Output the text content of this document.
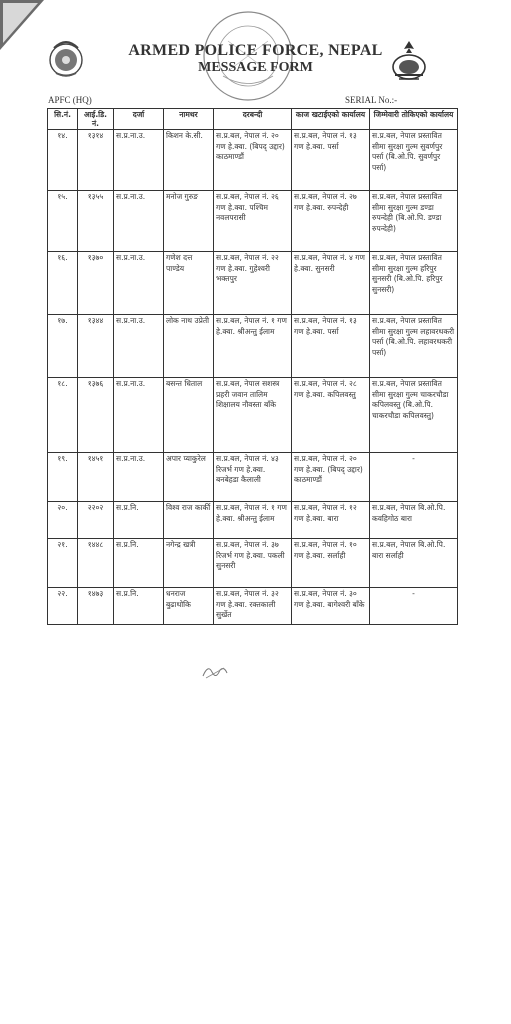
ARMED POLICE FORCE, NEPAL
MESSAGE FORM
APFC (HQ)	SERIAL No.:-
सि.नं.	आई.डि. नं.	दर्जा	नामथर	दरबन्दी	काज खटाईएको कार्यालय	जिम्मेवारी तोकिएको कार्यालय
१४.	१३१४	स.प्र.ना.उ.	किशन के.सी.	स.प्र.बल, नेपाल नं. २० गण हे.क्वा. (बिपद् उद्दार) काठमाण्डौं	स.प्र.बल, नेपाल नं. १३ गण हे.क्वा. पर्सा	स.प्र.बल, नेपाल प्रस्तावित सीमा सुरक्षा गुल्म सुवर्णपुर पर्सा (बि.ओ.पि. सुवर्णपुर पर्सा)
१५.	१३५५	स.प्र.ना.उ.	मनोज गुरुङ	स.प्र.बल, नेपाल नं. २६ गण हे.क्वा. पश्चिम नवलपरासी	स.प्र.बल, नेपाल नं. २७ गण हे.क्वा. रुपन्देही	स.प्र.बल, नेपाल प्रस्तावित सीमा सुरक्षा गुल्म डण्डा रुपन्देही (बि.ओ.पि. डण्डा रुपन्देही)
१६.	१३७०	स.प्र.ना.उ.	गणेश दत्त पाण्डेय	स.प्र.बल, नेपाल नं. २२ गण हे.क्वा. गुहेश्वरी भक्तपुर	स.प्र.बल, नेपाल नं. ४ गण हे.क्वा. सुनसरी	स.प्र.बल, नेपाल प्रस्तावित सीमा सुरक्षा गुल्म हरिपुर सुनसरी (बि.ओ.पि. हरिपुर सुनसरी)
१७.	१३४४	स.प्र.ना.उ.	लोक नाथ उप्रेती	स.प्र.बल, नेपाल नं. १ गण हे.क्वा. श्रीअन्तु ईलाम	स.प्र.बल, नेपाल नं. १३ गण हे.क्वा. पर्सा	स.प्र.बल, नेपाल प्रस्तावित सीमा सुरक्षा गुल्म लहावरथकरी पर्सा (बि.ओ.पि. लहावरथकरी पर्सा)
१८.	१३७६	स.प्र.ना.उ.	बसन्त धिताल	स.प्र.बल, नेपाल सशस्त्र प्रहरी जवान तालिम शिक्षालय नौवस्ता बाँके	स.प्र.बल, नेपाल नं. २८ गण हे.क्वा. कपिलवस्तु	स.प्र.बल, नेपाल प्रस्तावित सीमा सुरक्षा गुल्म चाकरचौडा कपिलवस्तु (बि.ओ.पि. चाकरचौडा कपिलवस्तु)
१९.	१४५१	स.प्र.ना.उ.	अपार प्याकुरेल	स.प्र.बल, नेपाल नं. ४३ रिजर्भ गण हे.क्वा. बनबेहडा कैलाली	स.प्र.बल, नेपाल नं. २० गण हे.क्वा. (बिपद् उद्दार) काठमाण्डौं	-
२०.	२२०२	स.प्र.नि.	विश्व राज कार्की	स.प्र.बल, नेपाल नं. १ गण हे.क्वा. श्रीअन्तु ईलाम	स.प्र.बल, नेपाल नं. १२ गण हे.क्वा. बारा	स.प्र.बल, नेपाल बि.ओ.पि. कवहिगोठ बारा
२१.	१४४८	स.प्र.नि.	नगेन्द्र खत्री	स.प्र.बल, नेपाल नं. ३७ रिजर्भ गण हे.क्वा. पकली सुनसरी	स.प्र.बल, नेपाल नं. १० गण हे.क्वा. सर्लाही	स.प्र.बल, नेपाल बि.ओ.पि. बारा सर्लाही
२२.	१४७३	स.प्र.नि.	धनराज बुढाथोकि	स.प्र.बल, नेपाल नं. ३२ गण हे.क्वा. रक्तकाली सुर्खेत	स.प्र.बल, नेपाल नं. ३० गण हे.क्वा. बागेश्वरी बाँके	-
